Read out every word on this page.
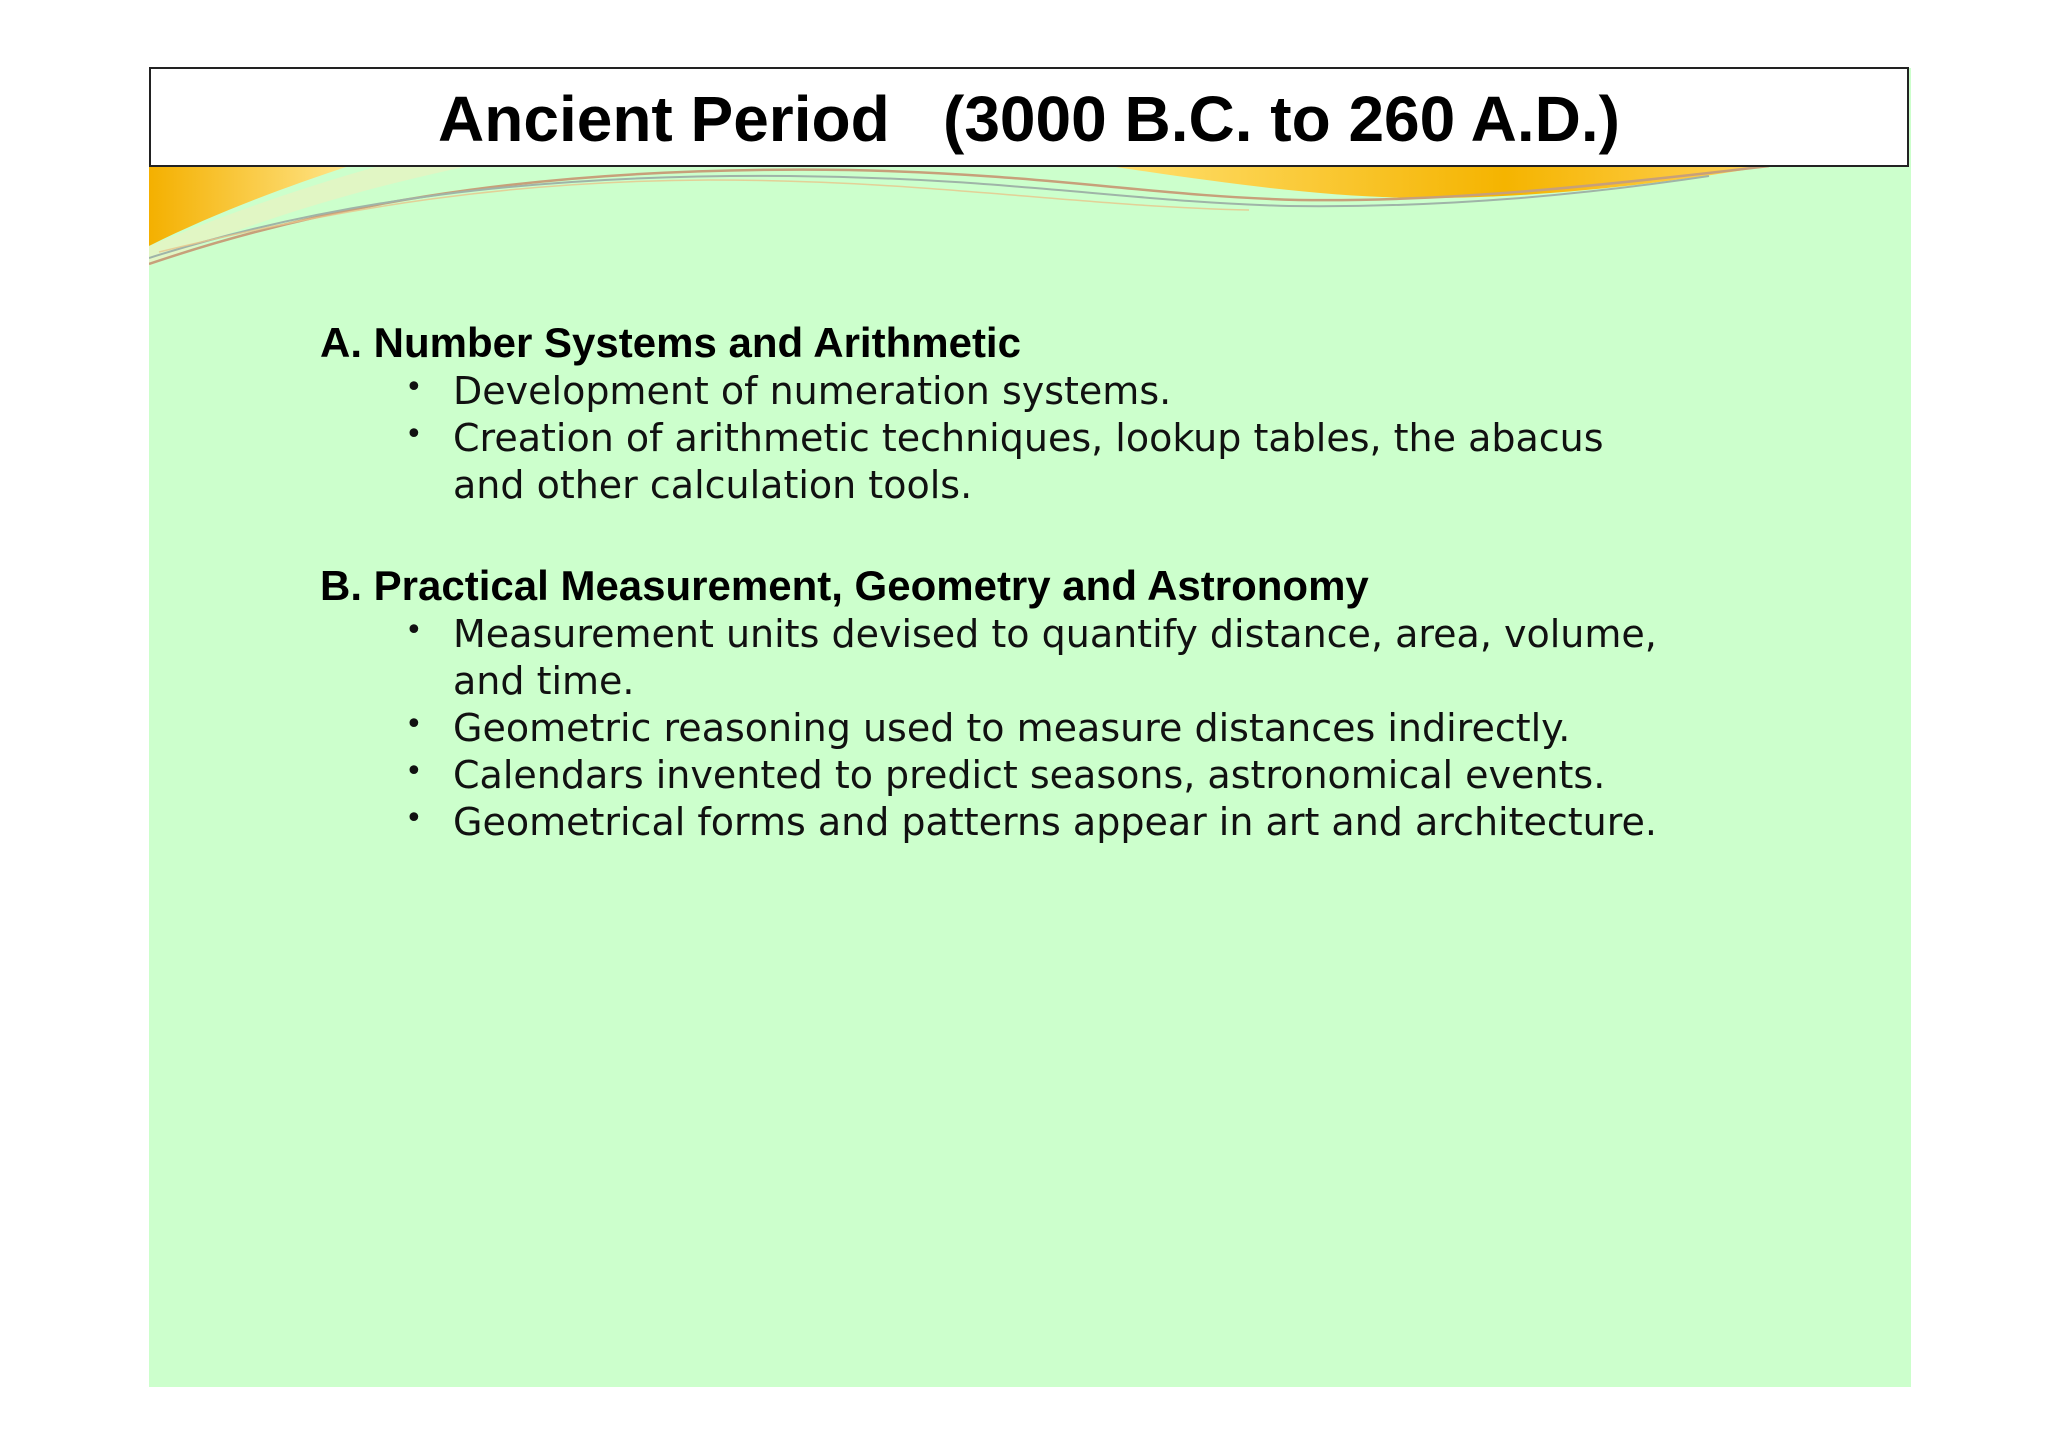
Ancient Period   (3000 B.C. to 260 A.D.)

A. Number Systems and Arithmetic

• Development of numeration systems.
• Creation of arithmetic techniques, lookup tables, the abacus and other calculation tools.

B. Practical Measurement, Geometry and Astronomy

• Measurement units devised to quantify distance, area, volume, and time.
• Geometric reasoning used to measure distances indirectly.
• Calendars invented to predict seasons, astronomical events.
• Geometrical forms and patterns appear in art and architecture.
